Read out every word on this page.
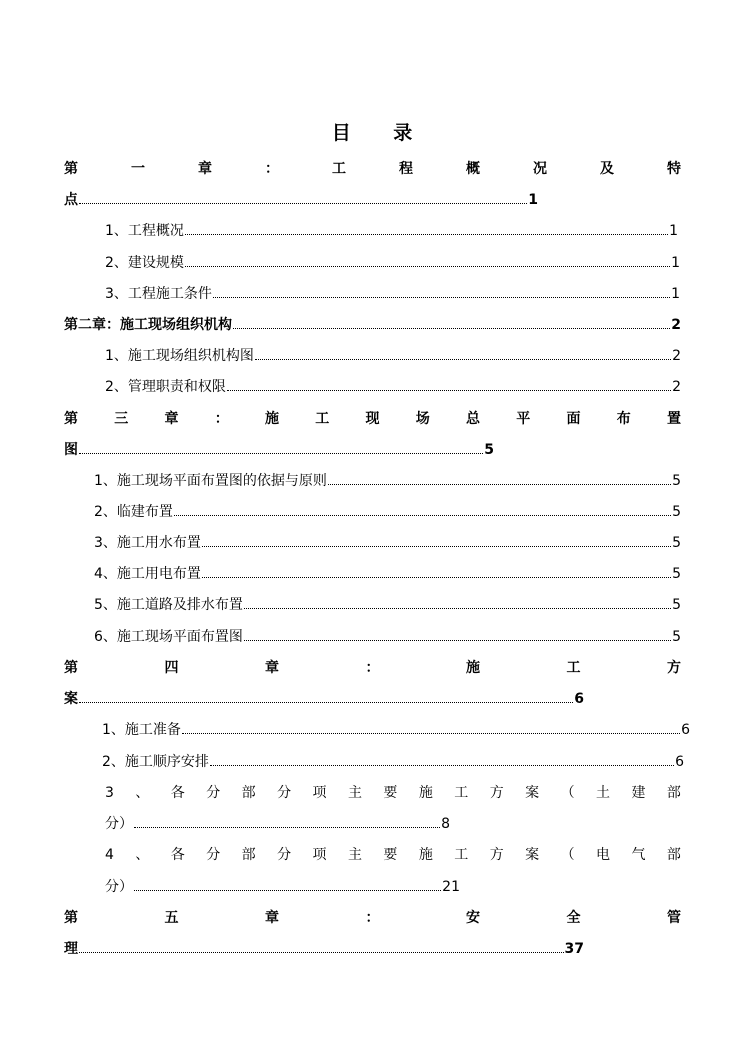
目 录
第	一	章	：	工	程	概	况	及	特
点	1
1、工程概况	1
2、建设规模	1
3、工程施工条件	1
第二章：施工现场组织机构	2
1、施工现场组织机构图	2
2、管理职责和权限	2
第	三	章	：	施	工	现	场	总	平	面	布	置
图	5
1、施工现场平面布置图的依据与原则	5
2、临建布置	5
3、施工用水布置	5
4、施工用电布置	5
5、施工道路及排水布置	5
6、施工现场平面布置图	5
第	四	章	：	施	工	方
案	6
1、施工准备	6
2、施工顺序安排	6
3 、 各 分 部 分 项 主 要 施 工 方 案 （ 土 建 部
分）	8
4 、 各 分 部 分 项 主 要 施 工 方 案 （ 电 气 部
分）	21
第	五	章	：	安	全	管
理	37
